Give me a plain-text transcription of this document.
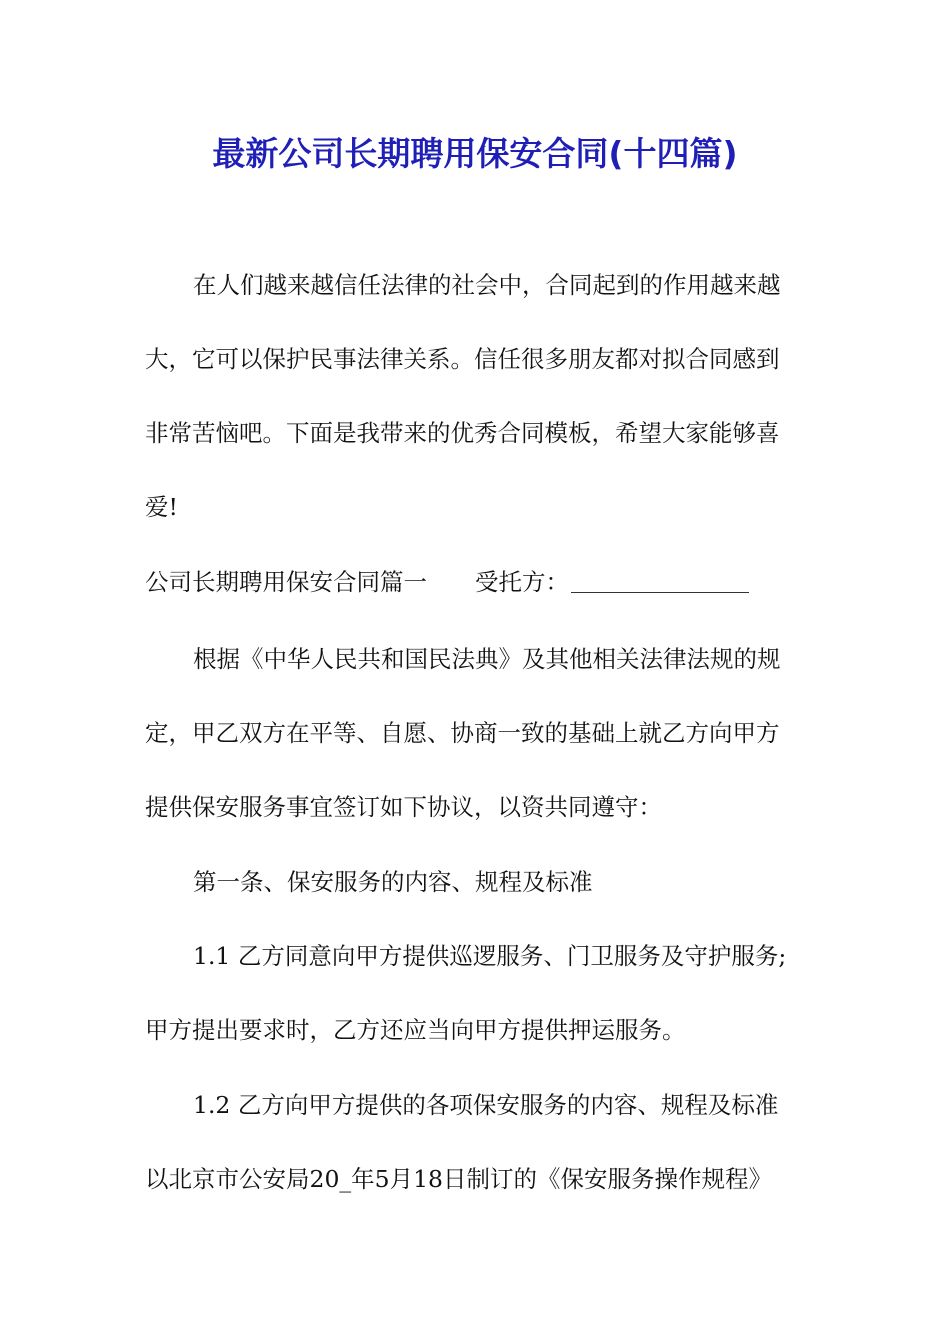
最新公司长期聘用保安合同(十四篇)
在人们越来越信任法律的社会中，合同起到的作用越来越
大，它可以保护民事法律关系。信任很多朋友都对拟合同感到
非常苦恼吧。下面是我带来的优秀合同模板，希望大家能够喜
爱!
公司长期聘用保安合同篇一 受托方：
根据《中华人民共和国民法典》及其他相关法律法规的规
定，甲乙双方在平等、自愿、协商一致的基础上就乙方向甲方
提供保安服务事宜签订如下协议，以资共同遵守：
第一条、保安服务的内容、规程及标准
1.1 乙方同意向甲方提供巡逻服务、门卫服务及守护服务;
甲方提出要求时，乙方还应当向甲方提供押运服务。
1.2 乙方向甲方提供的各项保安服务的内容、规程及标准
以北京市公安局20_年5月18日制订的《保安服务操作规程》
